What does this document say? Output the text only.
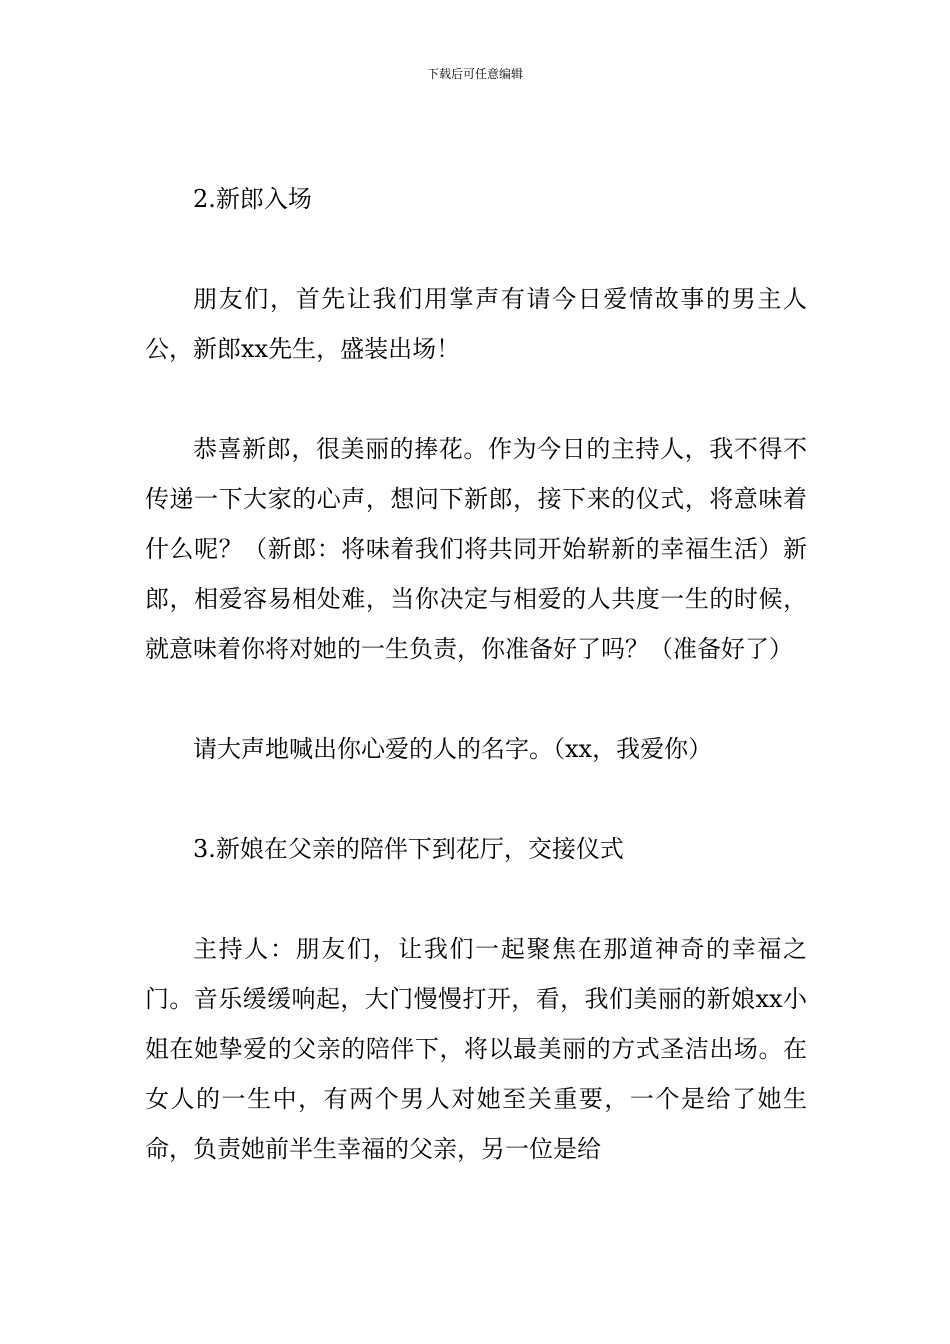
下载后可任意编辑

2.新郎入场

朋友们，首先让我们用掌声有请今日爱情故事的男主人公，新郎xx先生，盛装出场！

恭喜新郎，很美丽的捧花。作为今日的主持人，我不得不传递一下大家的心声，想问下新郎，接下来的仪式，将意味着什么呢？（新郎：将味着我们将共同开始崭新的幸福生活）新郎，相爱容易相处难，当你决定与相爱的人共度一生的时候，就意味着你将对她的一生负责，你准备好了吗？（准备好了）

请大声地喊出你心爱的人的名字。（xx，我爱你）

3.新娘在父亲的陪伴下到花厅，交接仪式

主持人：朋友们，让我们一起聚焦在那道神奇的幸福之门。音乐缓缓响起，大门慢慢打开，看，我们美丽的新娘xx小姐在她挚爱的父亲的陪伴下，将以最美丽的方式圣洁出场。在女人的一生中，有两个男人对她至关重要，一个是给了她生命，负责她前半生幸福的父亲，另一位是给
